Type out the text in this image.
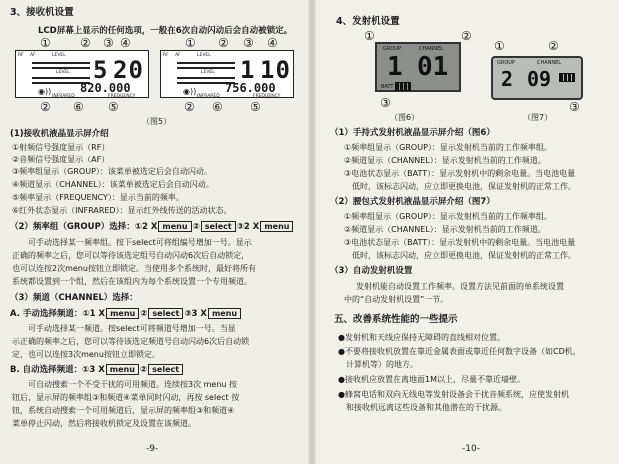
3、接收机设置
LCD屏幕上显示的任何选项，一般在6次自动闪动后会自动被锁定。
① ② ③ ④	① ② ③ ④
RF AF	LEVEL
LEVEL 5 20
◉)) 820.000
INFRARED	FREQUENCY
RF AF	LEVEL
LEVEL 1 10
◉)) 756.000
INFRARED	FREQUENCY
② ⑥ ⑤	② ⑥ ⑤
（图5）
(1)接收机液晶显示屏介绍
①射频信号强度显示（RF）
②音频信号强度显示（AF）
③频率组显示（GROUP）：该菜单被选定后会自动闪动。
④频道显示（CHANNEL）：该菜单被选定后会自动闪动。
⑤频率显示（FREQUENCY）：显示当前的频率。
⑥红外状态显示（INFRARED）：显示红外线传送的活动状态。
（2）频率组（GROUP）选择：①2 X menu ② select ③2 X menu
可手动选择某一频率组。按下select可将组编号增加一号。显示
正确的频率之后，您可以等待该选定组号自动闪动6次后自动锁定，
也可以连按2次menu按钮立即锁定。当使用多个系统时，最好将所有
系统都设置到一个组，然后在该组内为每个系统设置一个专用频道。
（3）频道（CHANNEL）选择：
A. 手动选择频道：①1 X menu ② select ③3 X menu
可手动选择某一频道。按select可将频道号增加一号。当显
示正确的频率之后，您可以等待该选定频道号自动闪动6次后自动锁
定，也可以连按3次menu按钮立即锁定。
B. 自动选择频道：①3 X menu ② select
可自动搜索一个不受干扰的可用频道。连续按3次 menu 按
钮后，显示屏的频率组③和频道④菜单同时闪动，再按 select 按
钮，系统自动搜索一个可用频道后，显示屏的频率组③和频道④
菜单停止闪动，然后将接收机锁定及设置在该频道。
-9-
4、发射机设置
①	②
①	②
GROUP	CHANNEL
1 01
BATT
GROUP	CHANNEL
2 09
③	③
（图6）	（图7）
（1）手持式发射机液晶显示屏介绍（图6）
①频率组显示（GROUP）：显示发射机当前的工作频率组。
②频道显示（CHANNEL）：显示发射机当前的工作频道。
③电池状态显示（BATT）：显示发射机中的剩余电量。当电池电量
　低时，该标志闪动，应立即更换电池，保证发射机的正常工作。
（2）腰包式发射机液晶显示屏介绍（图7）
①频率组显示（GROUP）：显示发射机当前的工作频率组。
②频道显示（CHANNEL）：显示发射机当前的工作频道。
③电池状态显示（BATT）：显示发射机中的剩余电量。当电池电量
　低时，该标志闪动，应立即更换电池，保证发射机的正常工作。
（3）自动发射机设置
发射机能自动设置工作频率。设置方法见前面的单系统设置
中的“自动发射机设置”一节。
五、改善系统性能的一些提示
●发射机和天线应保持无障碍的直线相对位置。
●不要将接收机放置在靠近金属表面或靠近任何数字设备（如CD机，
　计算机等）的地方。
●接收机应放置在离地面1M以上，尽量不靠近墙壁。
●蜂窝电话和双向无线电等发射设备会干扰音频系统，应使发射机
　和接收机远离这些设备和其他潜在的干扰源。
-10-
